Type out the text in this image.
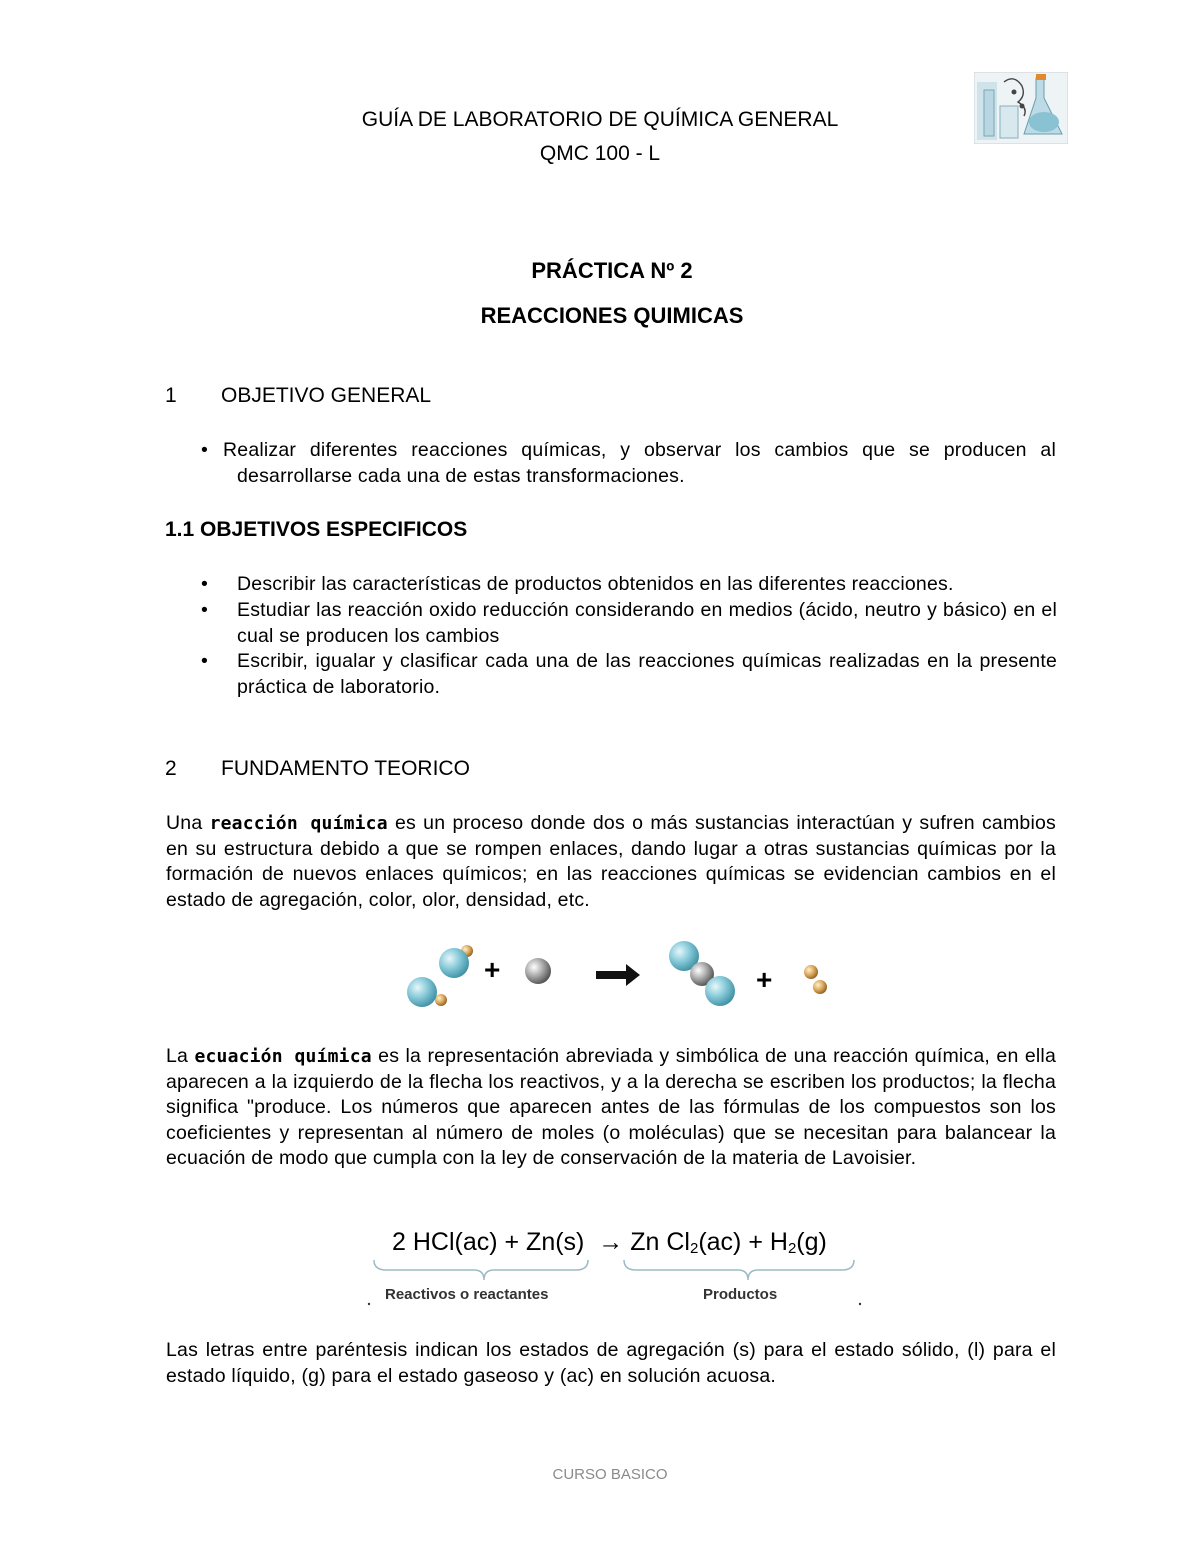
GUÍA DE LABORATORIO DE QUÍMICA GENERAL
QMC 100 - L
PRÁCTICA Nº 2
REACCIONES QUIMICAS
1 OBJETIVO GENERAL
• Realizar diferentes reacciones químicas, y observar los cambios que se producen al
desarrollarse cada una de estas transformaciones.
1.1 OBJETIVOS ESPECIFICOS
• Describir las características de productos obtenidos en las diferentes reacciones.
• Estudiar las reacción oxido reducción considerando en medios (ácido, neutro y básico) en el cual se producen los cambios
• Escribir, igualar y clasificar cada una de las reacciones químicas realizadas en la presente práctica de laboratorio.
2 FUNDAMENTO TEORICO
Una reacción química es un proceso donde dos o más sustancias interactúan y sufren cambios en su estructura debido a que se rompen enlaces, dando lugar a otras sustancias químicas por la formación de nuevos enlaces químicos; en las reacciones químicas se evidencian cambios en el estado de agregación, color, olor, densidad, etc.
+	+
La ecuación química es la representación abreviada y simbólica de una reacción química, en ella aparecen a la izquierdo de la flecha los reactivos, y a la derecha se escriben los productos; la flecha significa "produce. Los números que aparecen antes de las fórmulas de los compuestos son los coeficientes y representan al número de moles (o moléculas) que se necesitan para balancear la ecuación de modo que cumpla con la ley de conservación de la materia de Lavoisier.
2 HCl(ac) + Zn(s) → Zn $Cl_2(ac) + H_2(g)$
Reactivos o reactantes	Productos
Las letras entre paréntesis indican los estados de agregación (s) para el estado sólido, (l) para el estado líquido, (g) para el estado gaseoso y (ac) en solución acuosa.
CURSO BASICO
